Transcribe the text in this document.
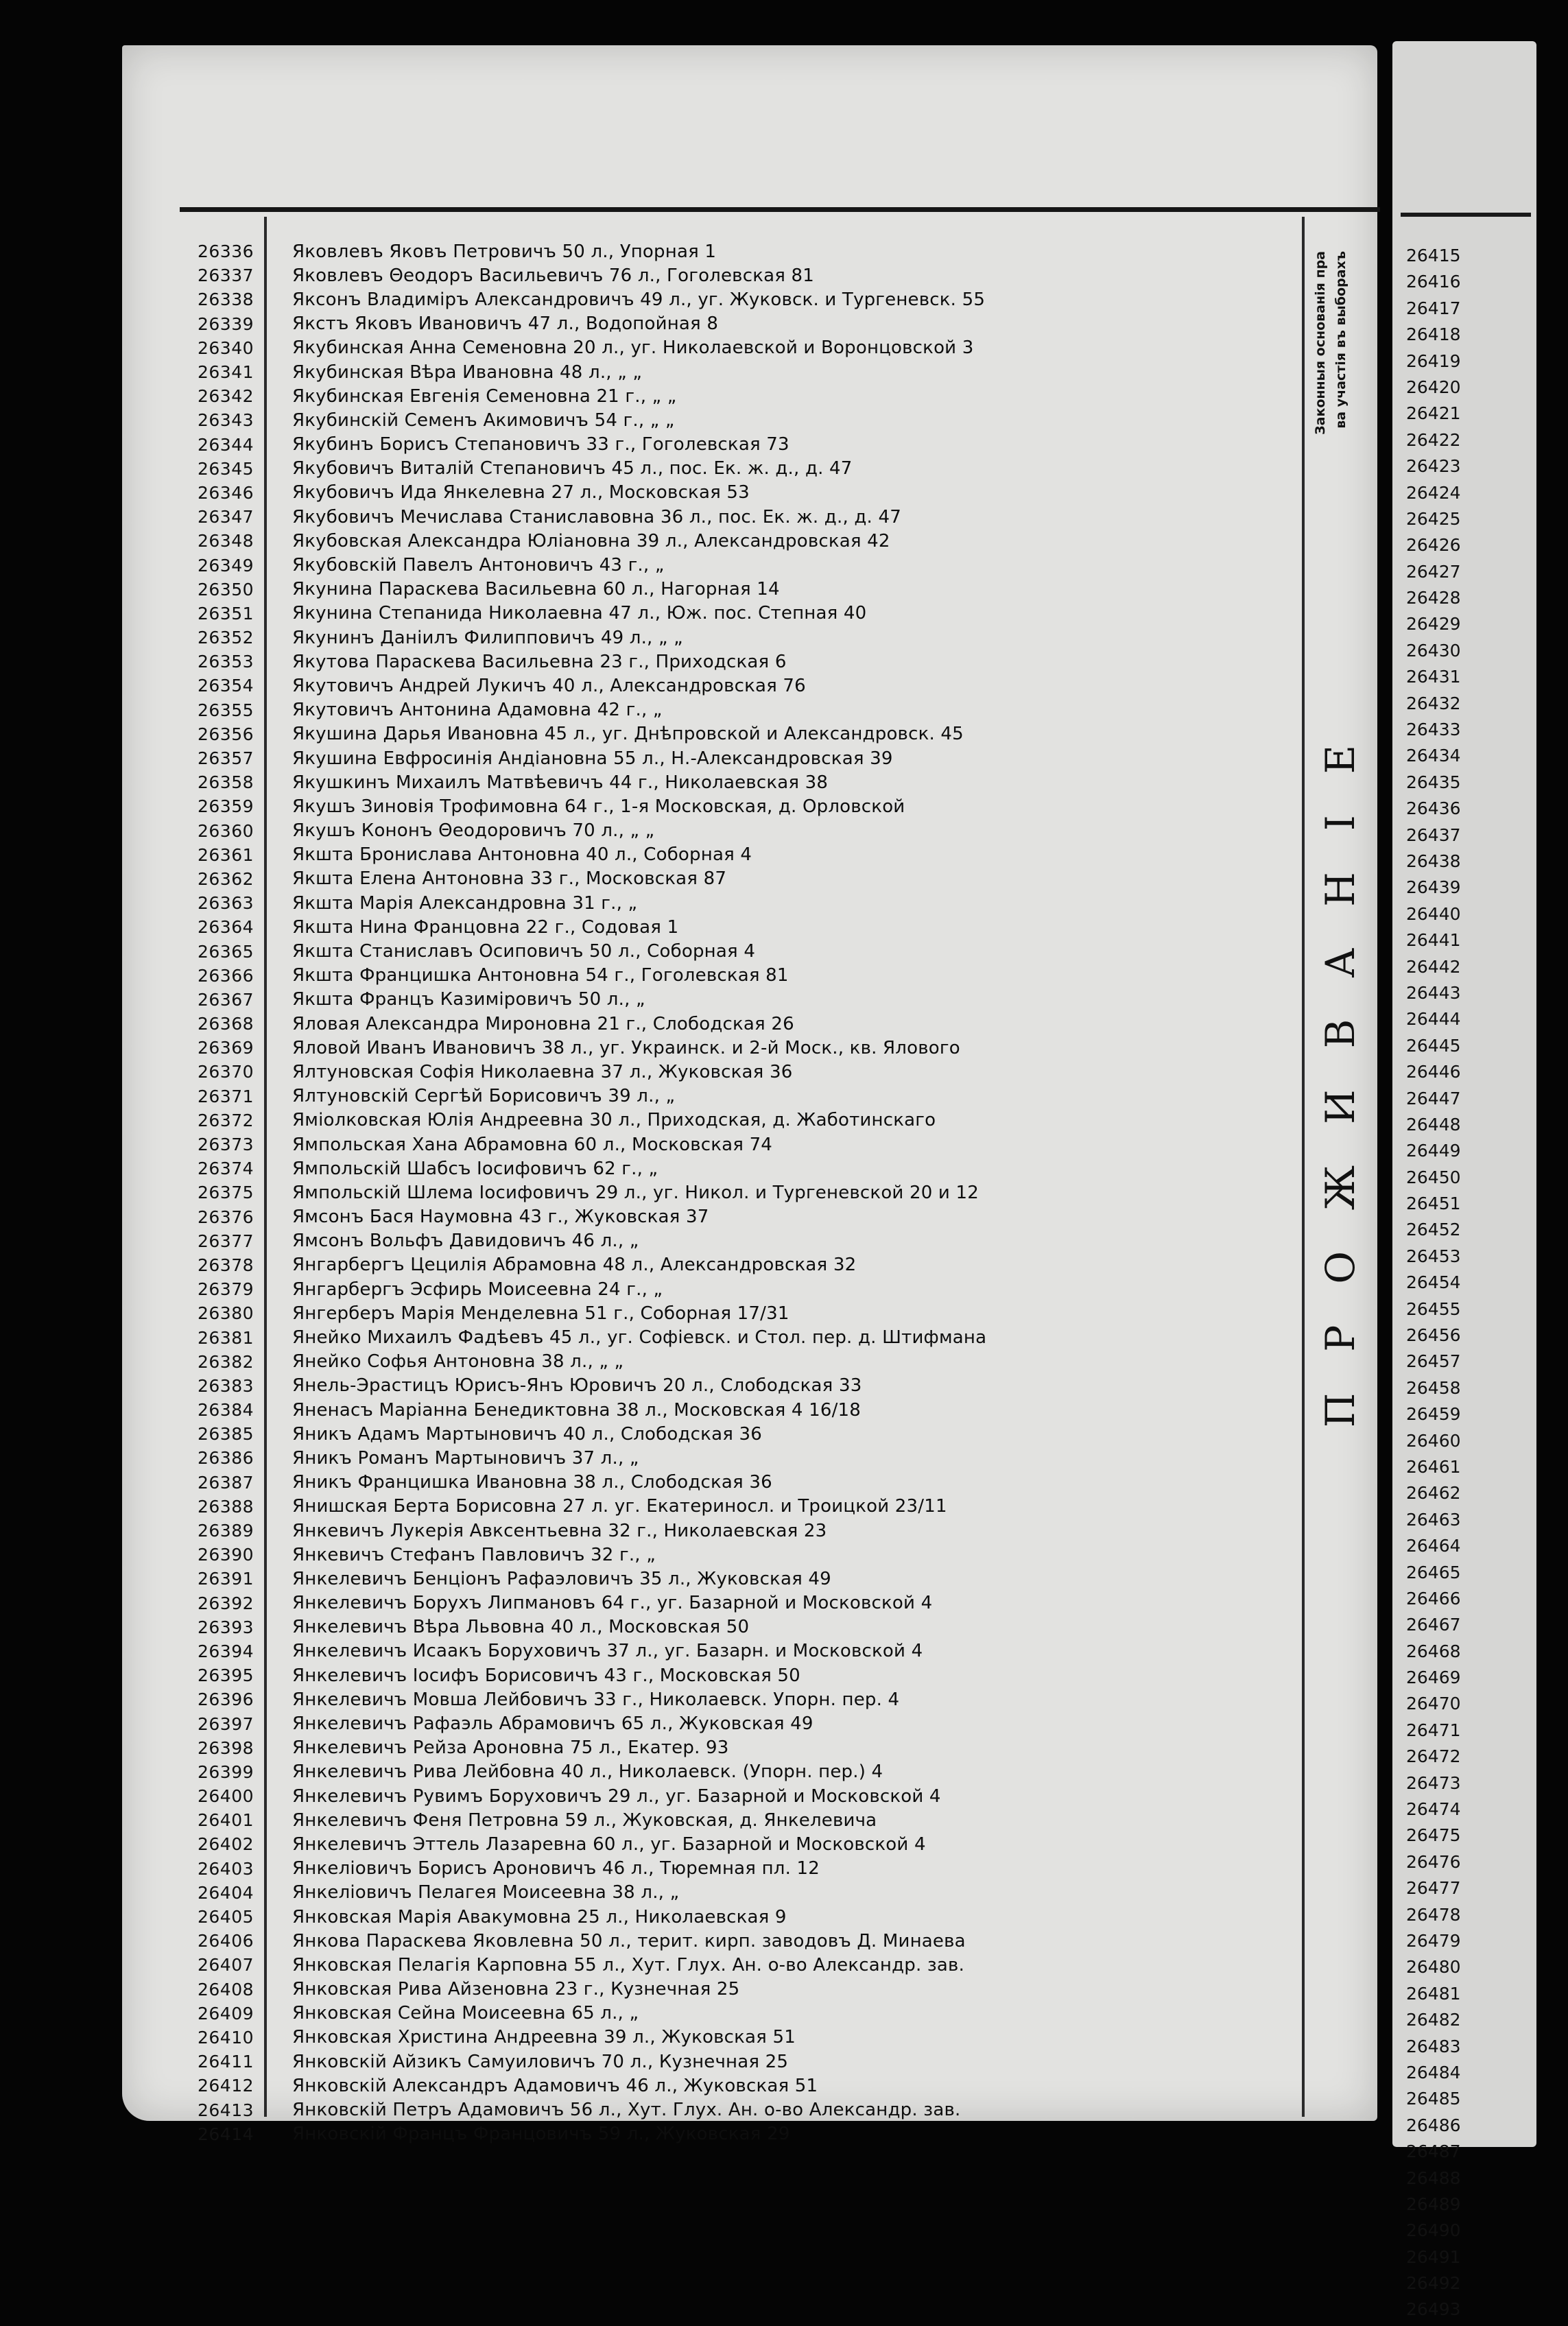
26336	Яковлевъ Яковъ Петровичъ 50 л., Упорная 1
26337	Яковлевъ Θеодоръ Васильевичъ 76 л., Гоголевская 81
26338	Яксонъ Владиміръ Александровичъ 49 л., уг. Жуковск. и Тургеневск. 55
26339	Якстъ Яковъ Ивановичъ 47 л., Водопойная 8
26340	Якубинская Анна Семеновна 20 л., уг. Николаевской и Воронцовской 3
26341	Якубинская Вѣра Ивановна 48 л., „ „
26342	Якубинская Евгенія Семеновна 21 г., „ „
26343	Якубинскій Семенъ Акимовичъ 54 г., „ „
26344	Якубинъ Борисъ Степановичъ 33 г., Гоголевская 73
26345	Якубовичъ Виталій Степановичъ 45 л., пос. Ек. ж. д., д. 47
26346	Якубовичъ Ида Янкелевна 27 л., Московская 53
26347	Якубовичъ Мечислава Станиславовна 36 л., пос. Ек. ж. д., д. 47
26348	Якубовская Александра Юліановна 39 л., Александровская 42
26349	Якубовскій Павелъ Антоновичъ 43 г., „
26350	Якунина Параскева Васильевна 60 л., Нагорная 14
26351	Якунина Степанида Николаевна 47 л., Юж. пос. Степная 40
26352	Якунинъ Даніилъ Филипповичъ 49 л., „ „
26353	Якутова Параскева Васильевна 23 г., Приходская 6
26354	Якутовичъ Андрей Лукичъ 40 л., Александровская 76
26355	Якутовичъ Антонина Адамовна 42 г., „
26356	Якушина Дарья Ивановна 45 л., уг. Днѣпровской и Александровск. 45
26357	Якушина Евфросинія Андіановна 55 л., Н.-Александровская 39
26358	Якушкинъ Михаилъ Матвѣевичъ 44 г., Николаевская 38
26359	Якушъ Зиновія Трофимовна 64 г., 1-я Московская, д. Орловской
26360	Якушъ Кононъ Θеодоровичъ 70 л., „ „
26361	Якшта Бронислава Антоновна 40 л., Соборная 4
26362	Якшта Елена Антоновна 33 г., Московская 87
26363	Якшта Марія Александровна 31 г., „
26364	Якшта Нина Францовна 22 г., Содовая 1
26365	Якшта Станиславъ Осиповичъ 50 л., Соборная 4
26366	Якшта Францишка Антоновна 54 г., Гоголевская 81
26367	Якшта Францъ Казиміровичъ 50 л., „
26368	Яловая Александра Мироновна 21 г., Слободская 26
26369	Яловой Иванъ Ивановичъ 38 л., уг. Украинск. и 2-й Моск., кв. Ялового
26370	Ялтуновская Софія Николаевна 37 л., Жуковская 36
26371	Ялтуновскій Сергѣй Борисовичъ 39 л., „
26372	Яміолковская Юлія Андреевна 30 л., Приходская, д. Жаботинскаго
26373	Ямпольская Хана Абрамовна 60 л., Московская 74
26374	Ямпольскій Шабсъ Іосифовичъ 62 г., „
26375	Ямпольскій Шлема Іосифовичъ 29 л., уг. Никол. и Тургеневской 20 и 12
26376	Ямсонъ Бася Наумовна 43 г., Жуковская 37
26377	Ямсонъ Вольфъ Давидовичъ 46 л., „
26378	Янгарбергъ Цецилія Абрамовна 48 л., Александровская 32
26379	Янгарбергъ Эсфирь Моисеевна 24 г., „
26380	Янгерберъ Марія Менделевна 51 г., Соборная 17/31
26381	Янейко Михаилъ Фадѣевъ 45 л., уг. Софіевск. и Стол. пер. д. Штифмана
26382	Янейко Софья Антоновна 38 л., „ „
26383	Янель-Эрастицъ Юрисъ-Янъ Юровичъ 20 л., Слободская 33
26384	Яненасъ Маріанна Бенедиктовна 38 л., Московская 4 16/18
26385	Яникъ Адамъ Мартыновичъ 40 л., Слободская 36
26386	Яникъ Романъ Мартыновичъ 37 л., „
26387	Яникъ Францишка Ивановна 38 л., Слободская 36
26388	Янишская Берта Борисовна 27 л. уг. Екатериносл. и Троицкой 23/11
26389	Янкевичъ Лукерія Авксентьевна 32 г., Николаевская 23
26390	Янкевичъ Стефанъ Павловичъ 32 г., „
26391	Янкелевичъ Бенціонъ Рафаэловичъ 35 л., Жуковская 49
26392	Янкелевичъ Борухъ Липмановъ 64 г., уг. Базарной и Московской 4
26393	Янкелевичъ Вѣра Львовна 40 л., Московская 50
26394	Янкелевичъ Исаакъ Боруховичъ 37 л., уг. Базарн. и Московской 4
26395	Янкелевичъ Іосифъ Борисовичъ 43 г., Московская 50
26396	Янкелевичъ Мовша Лейбовичъ 33 г., Николаевск. Упорн. пер. 4
26397	Янкелевичъ Рафаэль Абрамовичъ 65 л., Жуковская 49
26398	Янкелевичъ Рейза Ароновна 75 л., Екатер. 93
26399	Янкелевичъ Рива Лейбовна 40 л., Николаевск. (Упорн. пер.) 4
26400	Янкелевичъ Рувимъ Боруховичъ 29 л., уг. Базарной и Московской 4
26401	Янкелевичъ Феня Петровна 59 л., Жуковская, д. Янкелевича
26402	Янкелевичъ Эттель Лазаревна 60 л., уг. Базарной и Московской 4
26403	Янкеліовичъ Борисъ Ароновичъ 46 л., Тюремная пл. 12
26404	Янкеліовичъ Пелагея Моисеевна 38 л., „
26405	Янковская Марія Авакумовна 25 л., Николаевская 9
26406	Янкова Параскева Яковлевна 50 л., терит. кирп. заводовъ Д. Минаева
26407	Янковская Пелагія Карповна 55 л., Хут. Глух. Ан. о-во Александр. зав.
26408	Янковская Рива Айзеновна 23 г., Кузнечная 25
26409	Янковская Сейна Моисеевна 65 л., „
26410	Янковская Христина Андреевна 39 л., Жуковская 51
26411	Янковскій Айзикъ Самуиловичъ 70 л., Кузнечная 25
26412	Янковскій Александръ Адамовичъ 46 л., Жуковская 51
26413	Янковскій Петръ Адамовичъ 56 л., Хут. Глух. Ан. о-во Александр. зав.
26414	Янковскій Францъ Францовичъ 59 л., Жуковская 29
Законныя основанія пра ва участія въ выборахъ
ПРОЖИВАНІЕ
26415
26416
26417
26418
26419
26420
26421
26422
26423
26424
26425
26426
26427
26428
26429
26430
26431
26432
26433
26434
26435
26436
26437
26438
26439
26440
26441
26442
26443
26444
26445
26446
26447
26448
26449
26450
26451
26452
26453
26454
26455
26456
26457
26458
26459
26460
26461
26462
26463
26464
26465
26466
26467
26468
26469
26470
26471
26472
26473
26474
26475
26476
26477
26478
26479
26480
26481
26482
26483
26484
26485
26486
26487
26488
26489
26490
26491
26492
26493
